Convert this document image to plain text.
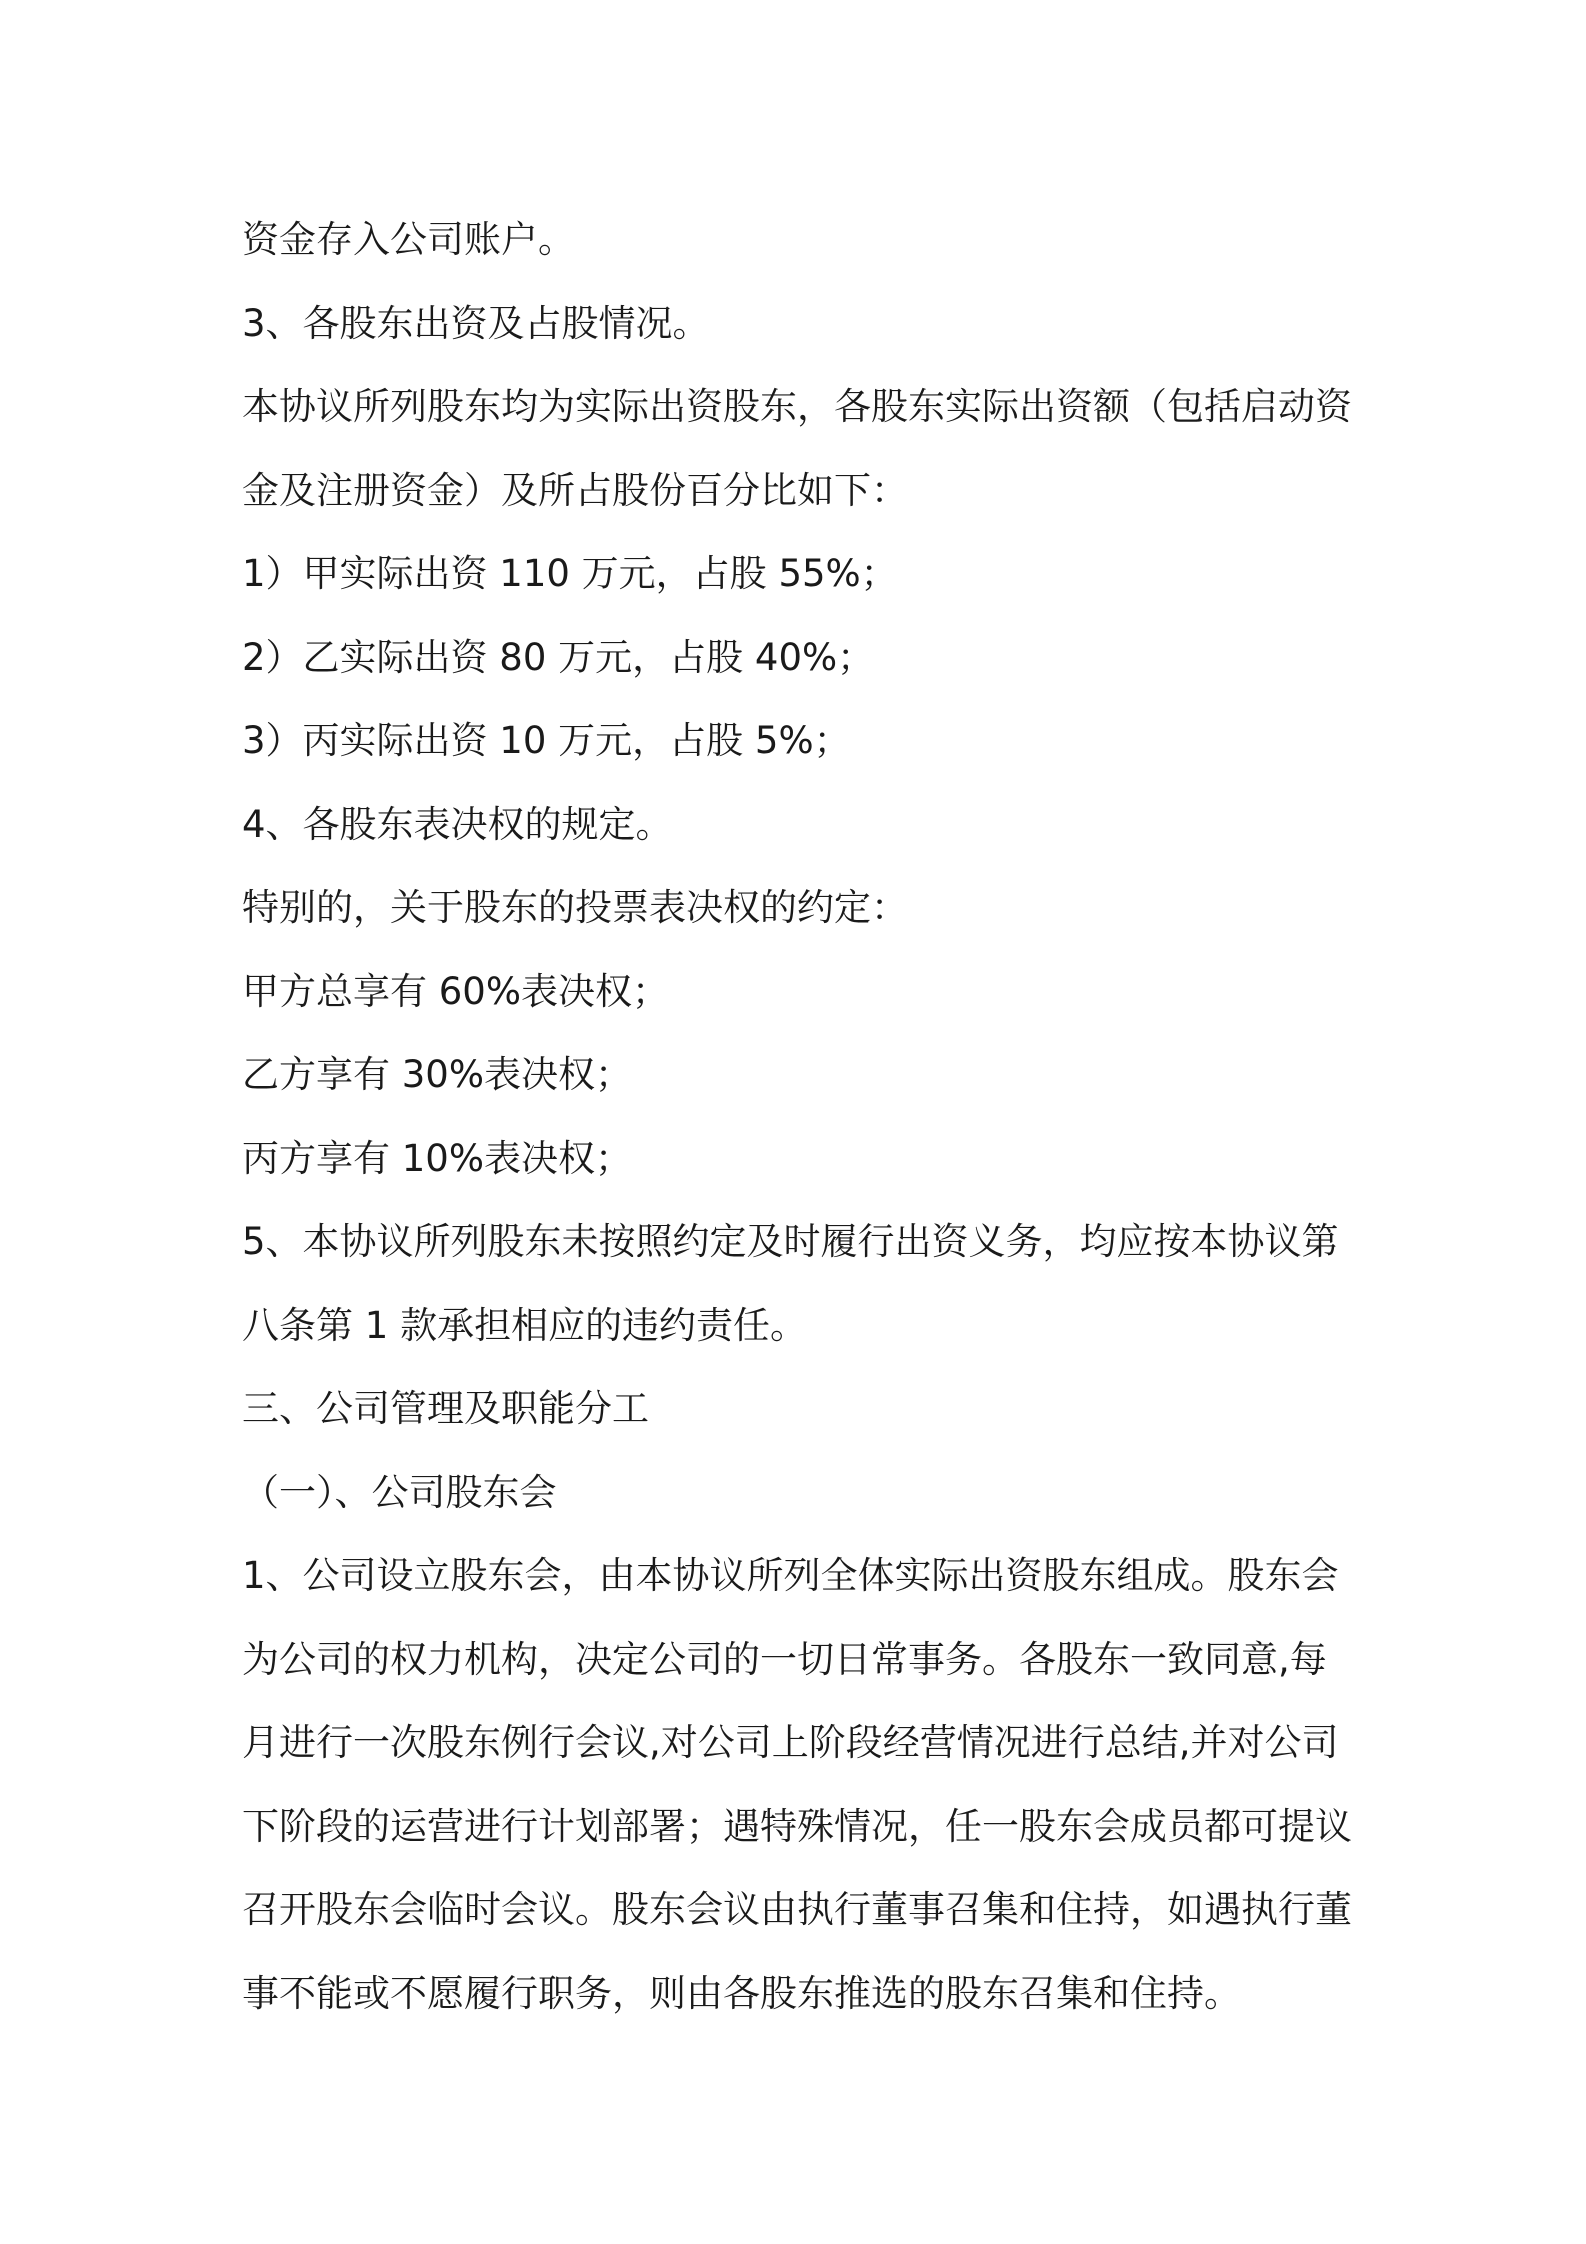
资金存入公司账户。
3、各股东出资及占股情况。
本协议所列股东均为实际出资股东，各股东实际出资额（包括启动资
金及注册资金）及所占股份百分比如下：
1）甲实际出资 110 万元，占股 55%；
2）乙实际出资 80 万元，占股 40%；
3）丙实际出资 10 万元，占股 5%；
4、各股东表决权的规定。
特别的，关于股东的投票表决权的约定：
甲方总享有 60%表决权；
乙方享有 30%表决权；
丙方享有 10%表决权；
5、本协议所列股东未按照约定及时履行出资义务，均应按本协议第
八条第 1 款承担相应的违约责任。
三、公司管理及职能分工
（一）、公司股东会
1、公司设立股东会，由本协议所列全体实际出资股东组成。股东会
为公司的权力机构，决定公司的一切日常事务。各股东一致同意,每
月进行一次股东例行会议,对公司上阶段经营情况进行总结,并对公司
下阶段的运营进行计划部署；遇特殊情况，任一股东会成员都可提议
召开股东会临时会议。股东会议由执行董事召集和住持，如遇执行董
事不能或不愿履行职务，则由各股东推选的股东召集和住持。
